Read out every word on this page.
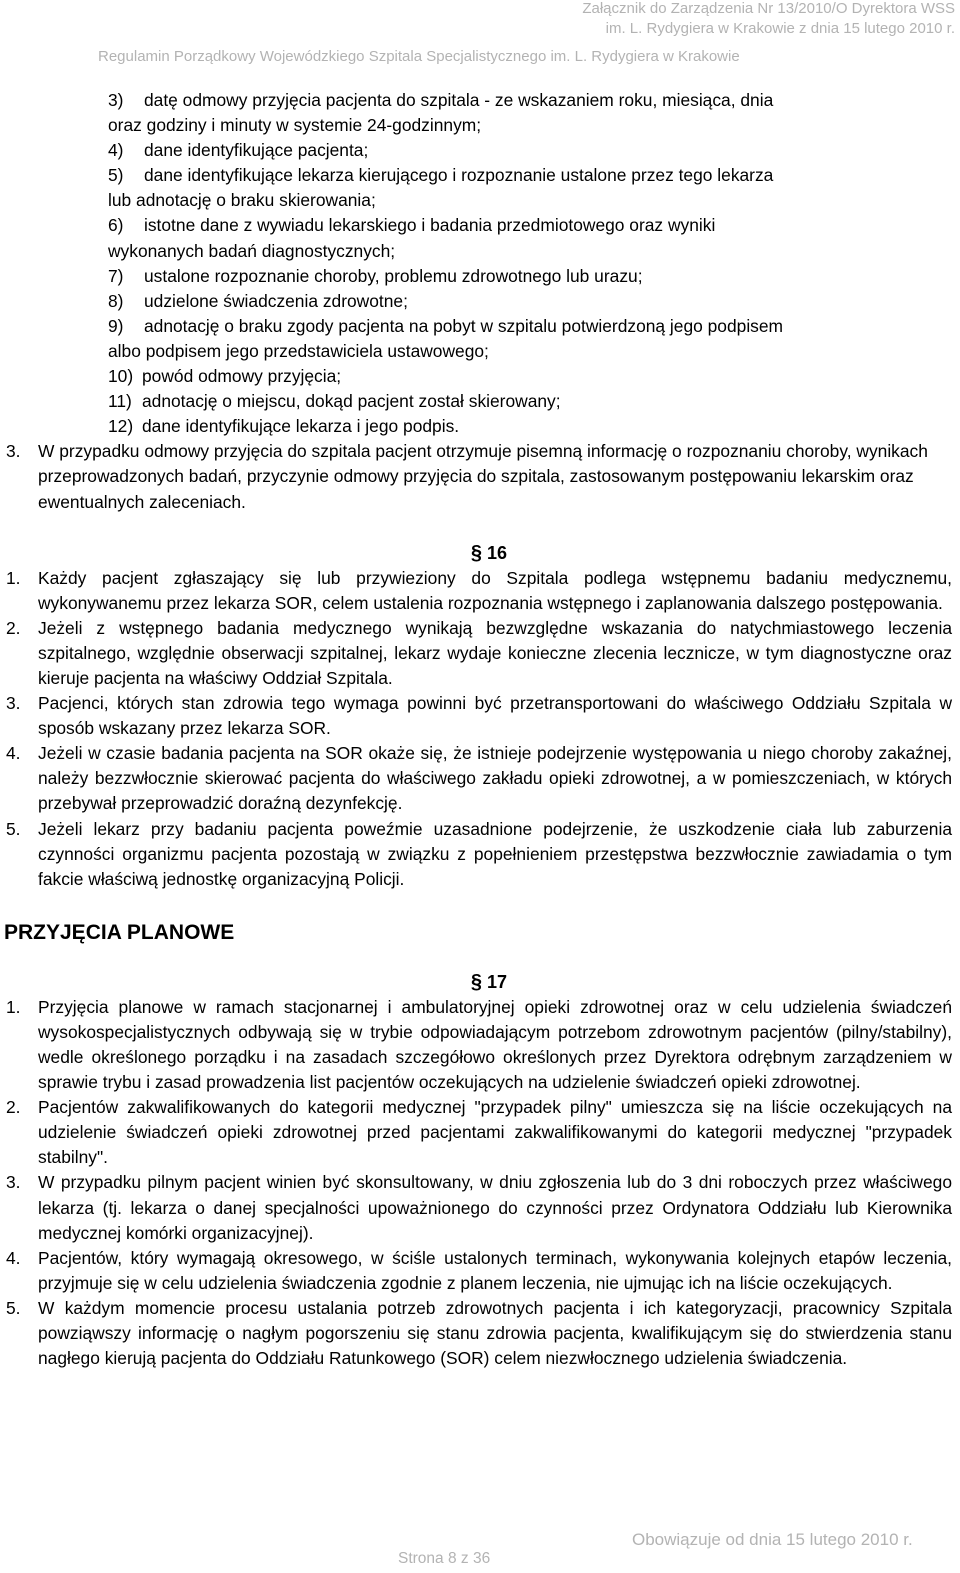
Załącznik do Zarządzenia Nr 13/2010/O Dyrektora WSS
im. L. Rydygiera w Krakowie z dnia 15 lutego 2010 r.
Regulamin Porządkowy Wojewódzkiego Szpitala Specjalistycznego im. L. Rydygiera w Krakowie
3) datę odmowy przyjęcia pacjenta do szpitala - ze wskazaniem roku, miesiąca, dnia
oraz godziny i minuty w systemie 24-godzinnym;
4) dane identyfikujące pacjenta;
5) dane identyfikujące lekarza kierującego i rozpoznanie ustalone przez tego lekarza
lub adnotację o braku skierowania;
6) istotne dane z wywiadu lekarskiego i badania przedmiotowego oraz wyniki
wykonanych badań diagnostycznych;
7) ustalone rozpoznanie choroby, problemu zdrowotnego lub urazu;
8) udzielone świadczenia zdrowotne;
9) adnotację o braku zgody pacjenta na pobyt w szpitalu potwierdzoną jego podpisem
albo podpisem jego przedstawiciela ustawowego;
10) powód odmowy przyjęcia;
11) adnotację o miejscu, dokąd pacjent został skierowany;
12) dane identyfikujące lekarza i jego podpis.
3. W przypadku odmowy przyjęcia do szpitala pacjent otrzymuje pisemną informację o rozpoznaniu choroby, wynikach przeprowadzonych badań, przyczynie odmowy przyjęcia do szpitala, zastosowanym postępowaniu lekarskim oraz ewentualnych zaleceniach.
§ 16
1. Każdy pacjent zgłaszający się lub przywieziony do Szpitala podlega wstępnemu badaniu medycznemu, wykonywanemu przez lekarza SOR, celem ustalenia rozpoznania wstępnego i zaplanowania dalszego postępowania.
2. Jeżeli z wstępnego badania medycznego wynikają bezwzględne wskazania do natychmiastowego leczenia szpitalnego, względnie obserwacji szpitalnej, lekarz wydaje konieczne zlecenia lecznicze, w tym diagnostyczne oraz kieruje pacjenta na właściwy Oddział Szpitala.
3. Pacjenci, których stan zdrowia tego wymaga powinni być przetransportowani do właściwego Oddziału Szpitala w sposób wskazany przez lekarza SOR.
4. Jeżeli w czasie badania pacjenta na SOR okaże się, że istnieje podejrzenie występowania u niego choroby zakaźnej, należy bezzwłocznie skierować pacjenta do właściwego zakładu opieki zdrowotnej, a w pomieszczeniach, w których przebywał przeprowadzić doraźną dezynfekcję.
5. Jeżeli lekarz przy badaniu pacjenta poweźmie uzasadnione podejrzenie, że uszkodzenie ciała lub zaburzenia czynności organizmu pacjenta pozostają w związku z popełnieniem przestępstwa bezzwłocznie zawiadamia o tym fakcie właściwą jednostkę organizacyjną Policji.
PRZYJĘCIA PLANOWE
§ 17
1. Przyjęcia planowe w ramach stacjonarnej i ambulatoryjnej opieki zdrowotnej oraz w celu udzielenia świadczeń wysokospecjalistycznych odbywają się w trybie odpowiadającym potrzebom zdrowotnym pacjentów (pilny/stabilny), wedle określonego porządku i na zasadach szczegółowo określonych przez Dyrektora odrębnym zarządzeniem w sprawie trybu i zasad prowadzenia list pacjentów oczekujących na udzielenie świadczeń opieki zdrowotnej.
2. Pacjentów zakwalifikowanych do kategorii medycznej "przypadek pilny" umieszcza się na liście oczekujących na udzielenie świadczeń opieki zdrowotnej przed pacjentami zakwalifikowanymi do kategorii medycznej "przypadek stabilny".
3. W przypadku pilnym pacjent winien być skonsultowany, w dniu zgłoszenia lub do 3 dni roboczych przez właściwego lekarza (tj. lekarza o danej specjalności upoważnionego do czynności przez Ordynatora Oddziału lub Kierownika medycznej komórki organizacyjnej).
4. Pacjentów, który wymagają okresowego, w ściśle ustalonych terminach, wykonywania kolejnych etapów leczenia, przyjmuje się w celu udzielenia świadczenia zgodnie z planem leczenia, nie ujmując ich na liście oczekujących.
5. W każdym momencie procesu ustalania potrzeb zdrowotnych pacjenta i ich kategoryzacji, pracownicy Szpitala powziąwszy informację o nagłym pogorszeniu się stanu zdrowia pacjenta, kwalifikującym się do stwierdzenia stanu nagłego kierują pacjenta do Oddziału Ratunkowego (SOR) celem niezwłocznego udzielenia świadczenia.
Obowiązuje od dnia 15 lutego 2010 r.
Strona 8 z 36
